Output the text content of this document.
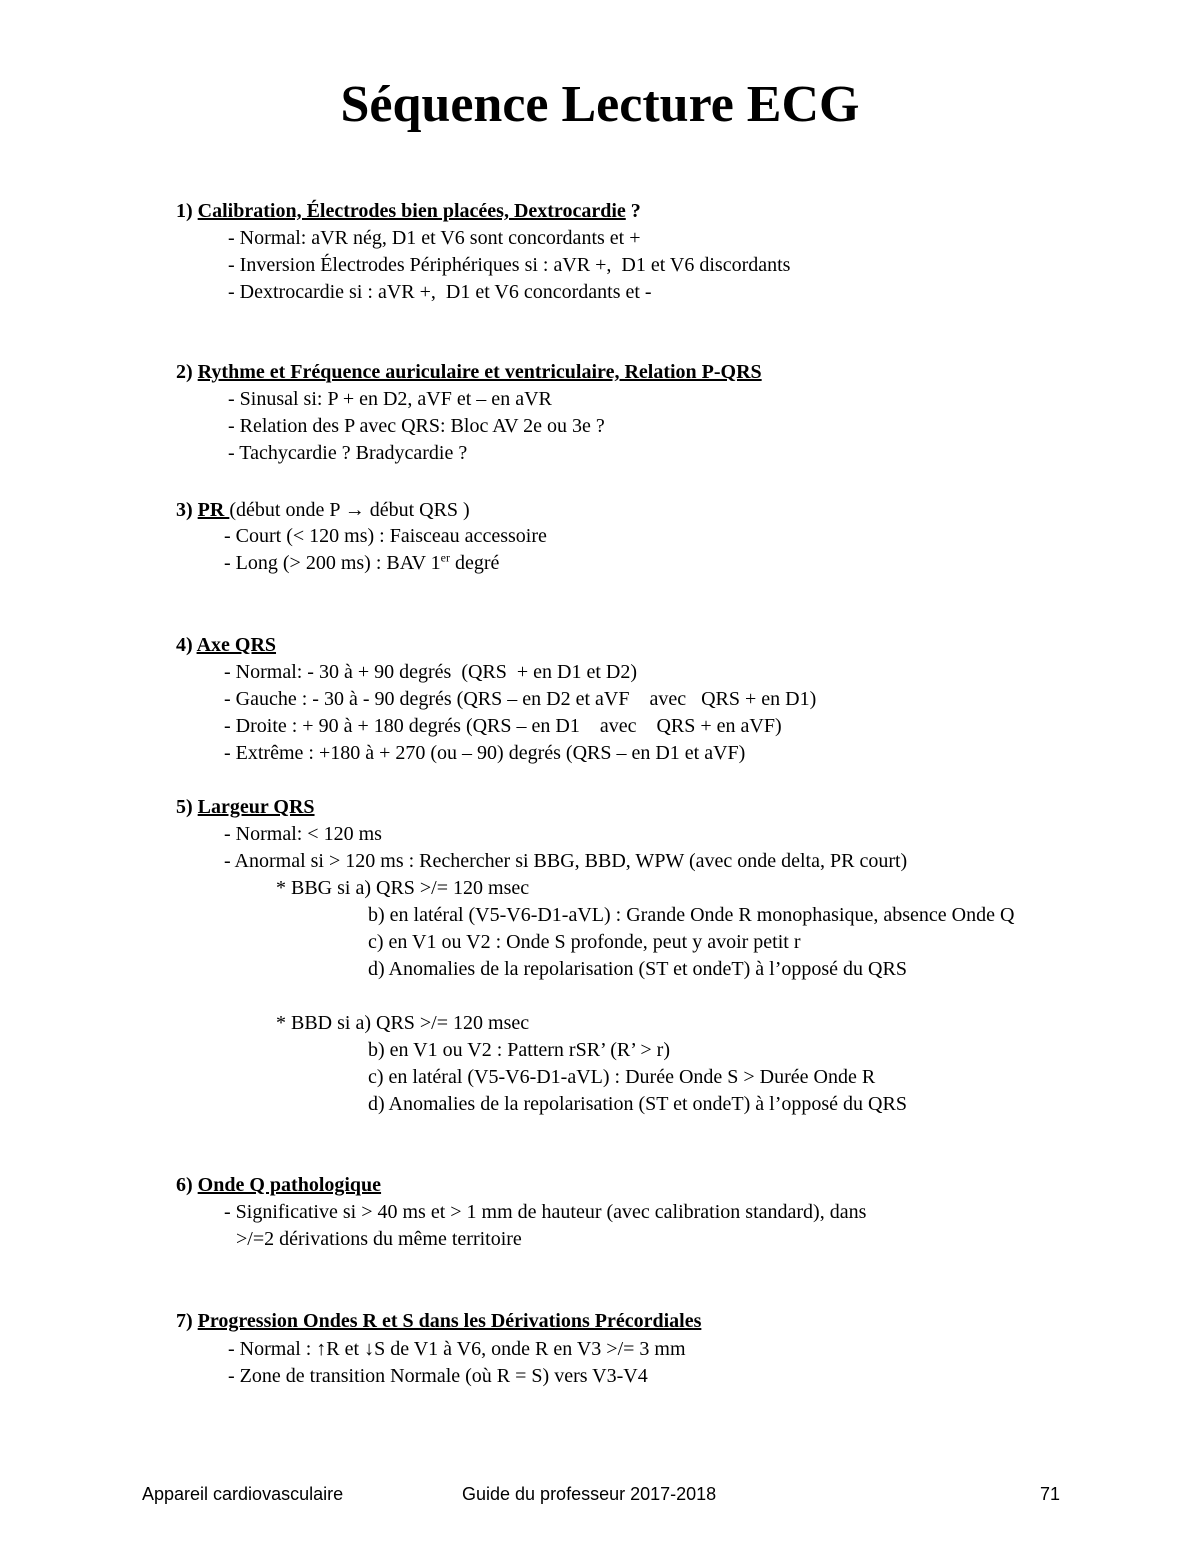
Séquence Lecture ECG
1) Calibration, Électrodes bien placées, Dextrocardie ?
- Normal: aVR nég, D1 et V6 sont concordants et +
- Inversion Électrodes Périphériques si : aVR +,  D1 et V6 discordants
- Dextrocardie si : aVR +,  D1 et V6 concordants et -
2) Rythme et Fréquence auriculaire et ventriculaire, Relation P-QRS
- Sinusal si: P + en D2, aVF et – en aVR
- Relation des P avec QRS: Bloc AV 2e ou 3e ?
- Tachycardie ? Bradycardie ?
3) PR (début onde P → début QRS )
- Court (< 120 ms) : Faisceau accessoire
- Long (> 200 ms) : BAV 1er degré
4) Axe QRS
- Normal: - 30 à + 90 degrés  (QRS  + en D1 et D2)
- Gauche : - 30 à - 90 degrés (QRS – en D2 et aVF    avec   QRS + en D1)
- Droite : + 90 à + 180 degrés (QRS – en D1    avec    QRS + en aVF)
- Extrême : +180 à + 270 (ou – 90) degrés (QRS – en D1 et aVF)
5) Largeur QRS
- Normal: < 120 ms
- Anormal si > 120 ms : Rechercher si BBG, BBD, WPW (avec onde delta, PR court)
* BBG si a) QRS >/= 120 msec
b) en latéral (V5-V6-D1-aVL) : Grande Onde R monophasique, absence Onde Q
c) en V1 ou V2 : Onde S profonde, peut y avoir petit r
d) Anomalies de la repolarisation (ST et ondeT) à l’opposé du QRS
* BBD si a) QRS >/= 120 msec
b) en V1 ou V2 : Pattern rSR’ (R’ > r)
c) en latéral (V5-V6-D1-aVL) : Durée Onde S > Durée Onde R
d) Anomalies de la repolarisation (ST et ondeT) à l’opposé du QRS
6) Onde Q pathologique
- Significative si > 40 ms et > 1 mm de hauteur (avec calibration standard), dans
>/=2 dérivations du même territoire
7) Progression Ondes R et S dans les Dérivations Précordiales
- Normal : ↑R et ↓S de V1 à V6, onde R en V3 >/= 3 mm
- Zone de transition Normale (où R = S) vers V3-V4
Appareil cardiovasculaire	Guide du professeur 2017-2018	71
